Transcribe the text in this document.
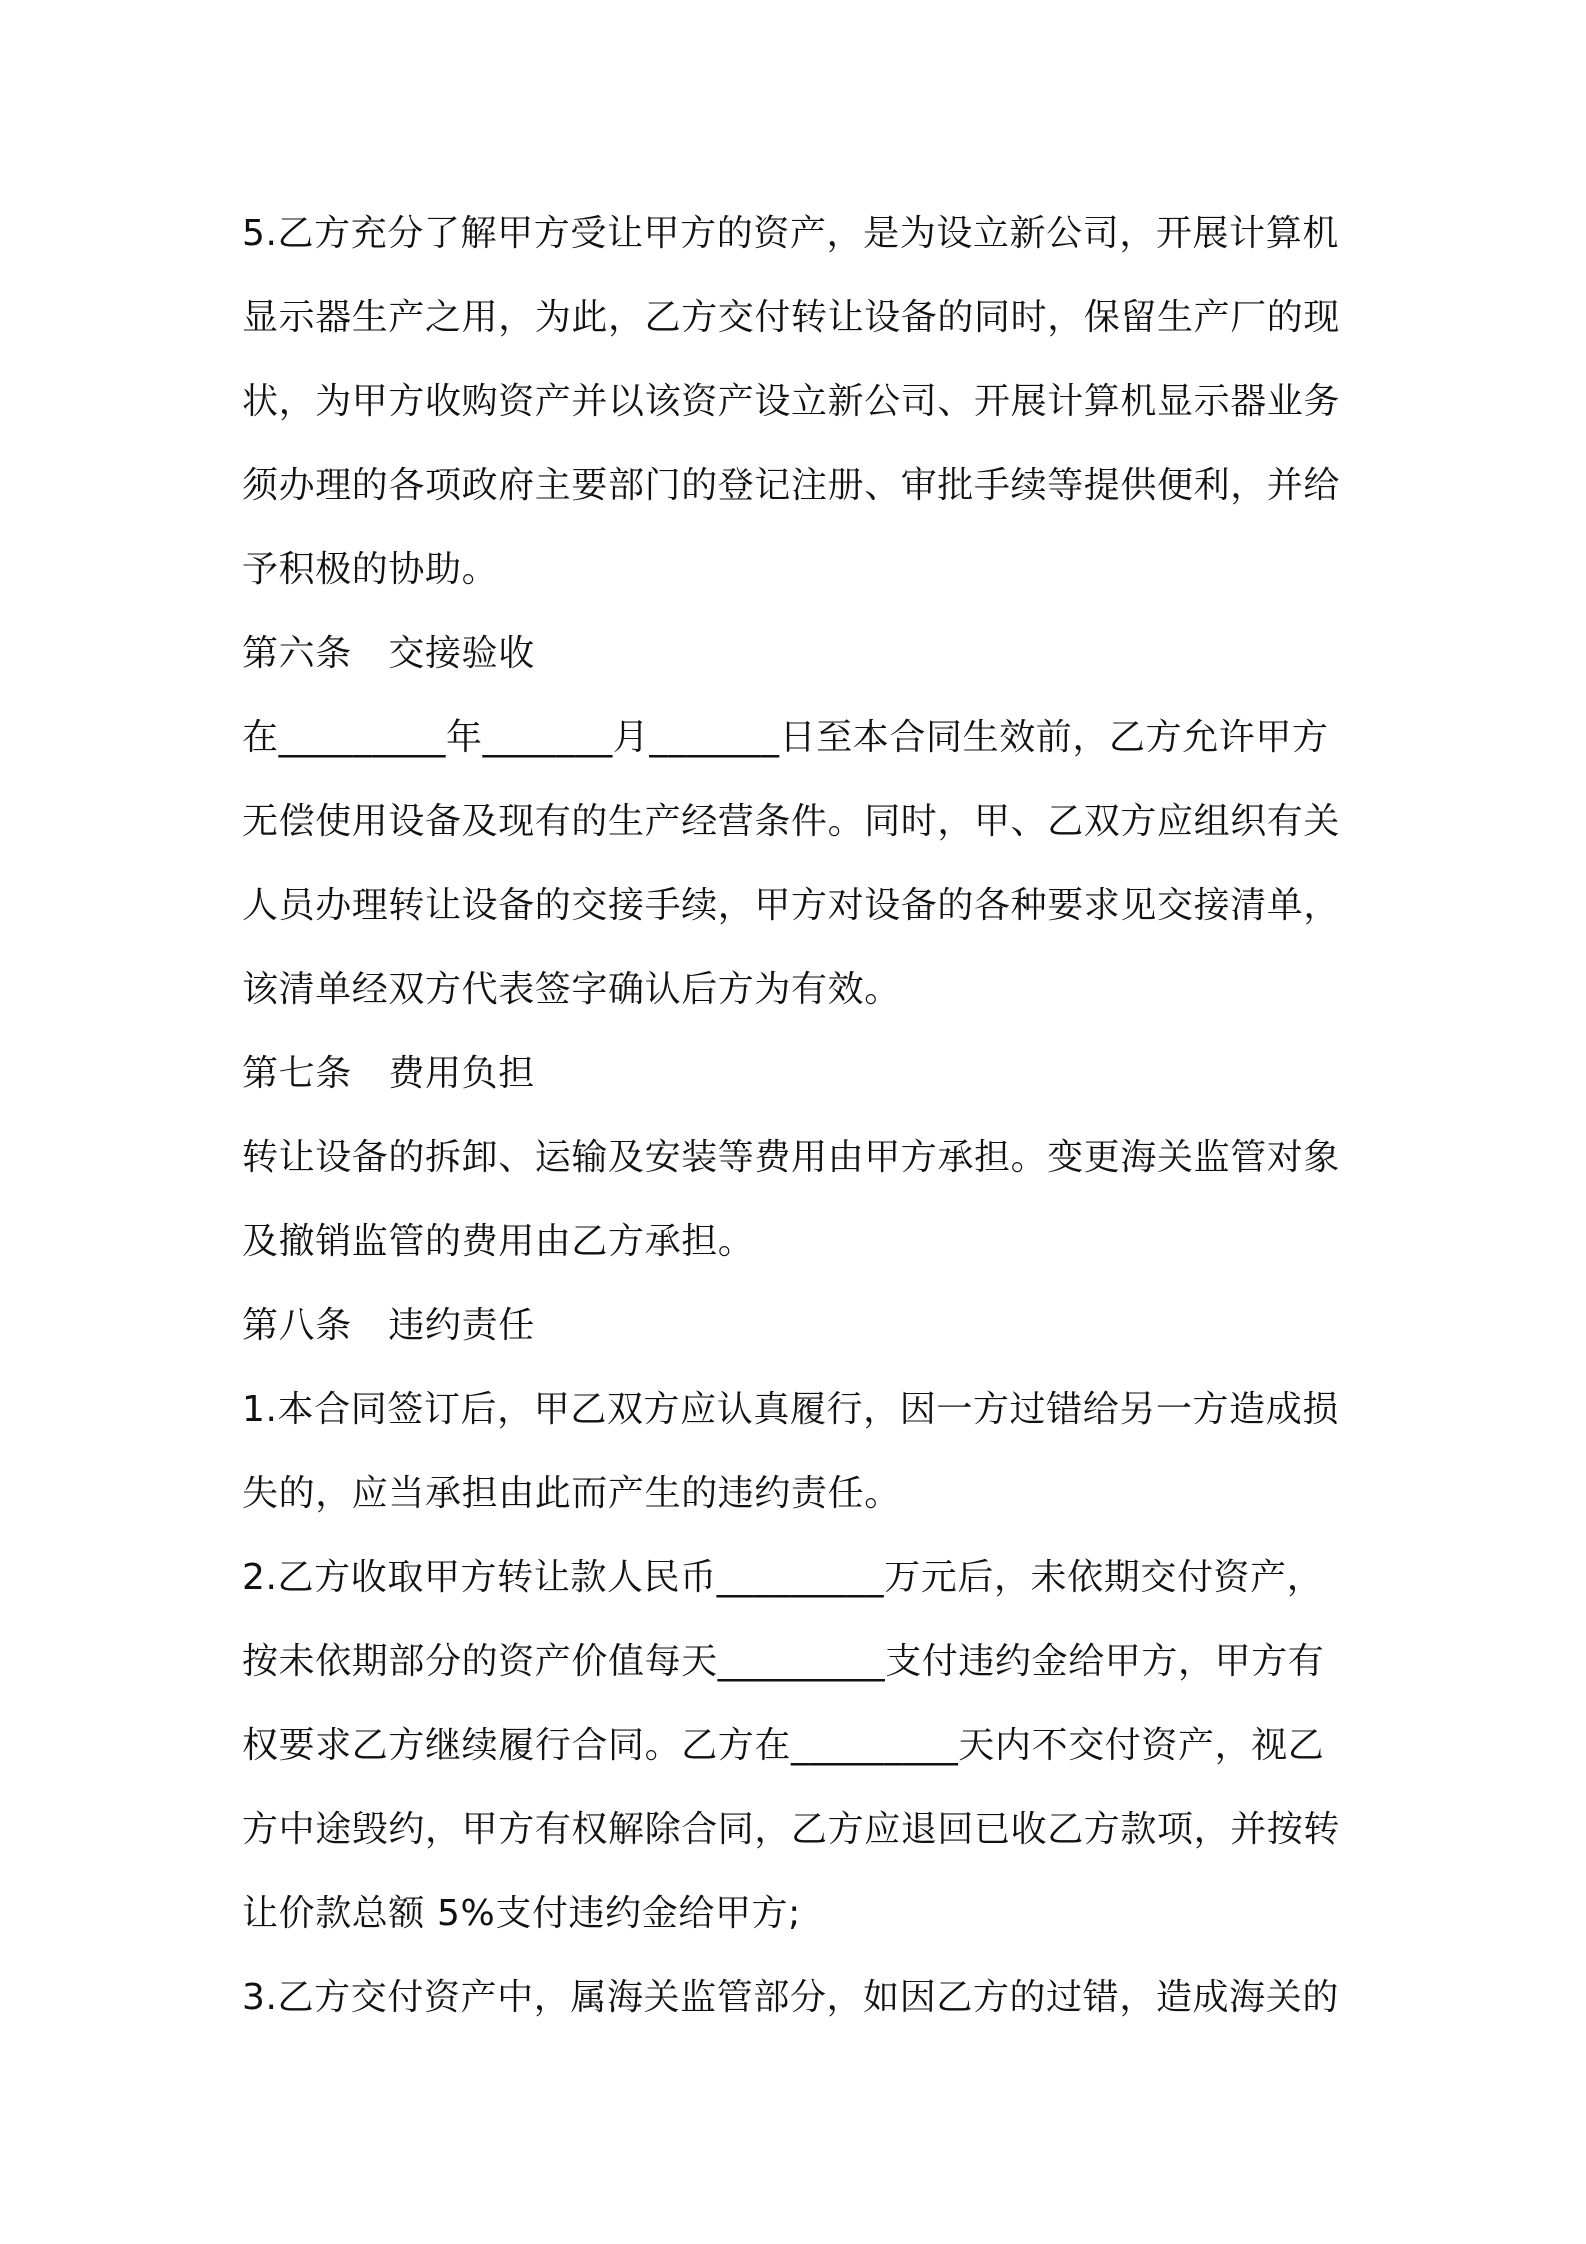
5.乙方充分了解甲方受让甲方的资产，是为设立新公司，开展计算机
显示器生产之用，为此，乙方交付转让设备的同时，保留生产厂的现
状，为甲方收购资产并以该资产设立新公司、开展计算机显示器业务
须办理的各项政府主要部门的登记注册、审批手续等提供便利，并给
予积极的协助。
第六条　交接验收
在_________年_______月_______日至本合同生效前，乙方允许甲方
无偿使用设备及现有的生产经营条件。同时，甲、乙双方应组织有关
人员办理转让设备的交接手续，甲方对设备的各种要求见交接清单，
该清单经双方代表签字确认后方为有效。
第七条　费用负担
转让设备的拆卸、运输及安装等费用由甲方承担。变更海关监管对象
及撤销监管的费用由乙方承担。
第八条　违约责任
1.本合同签订后，甲乙双方应认真履行，因一方过错给另一方造成损
失的，应当承担由此而产生的违约责任。
2.乙方收取甲方转让款人民币_________万元后，未依期交付资产，
按未依期部分的资产价值每天_________支付违约金给甲方，甲方有
权要求乙方继续履行合同。乙方在_________天内不交付资产，视乙
方中途毁约，甲方有权解除合同，乙方应退回已收乙方款项，并按转
让价款总额 5%支付违约金给甲方;
3.乙方交付资产中，属海关监管部分，如因乙方的过错，造成海关的
